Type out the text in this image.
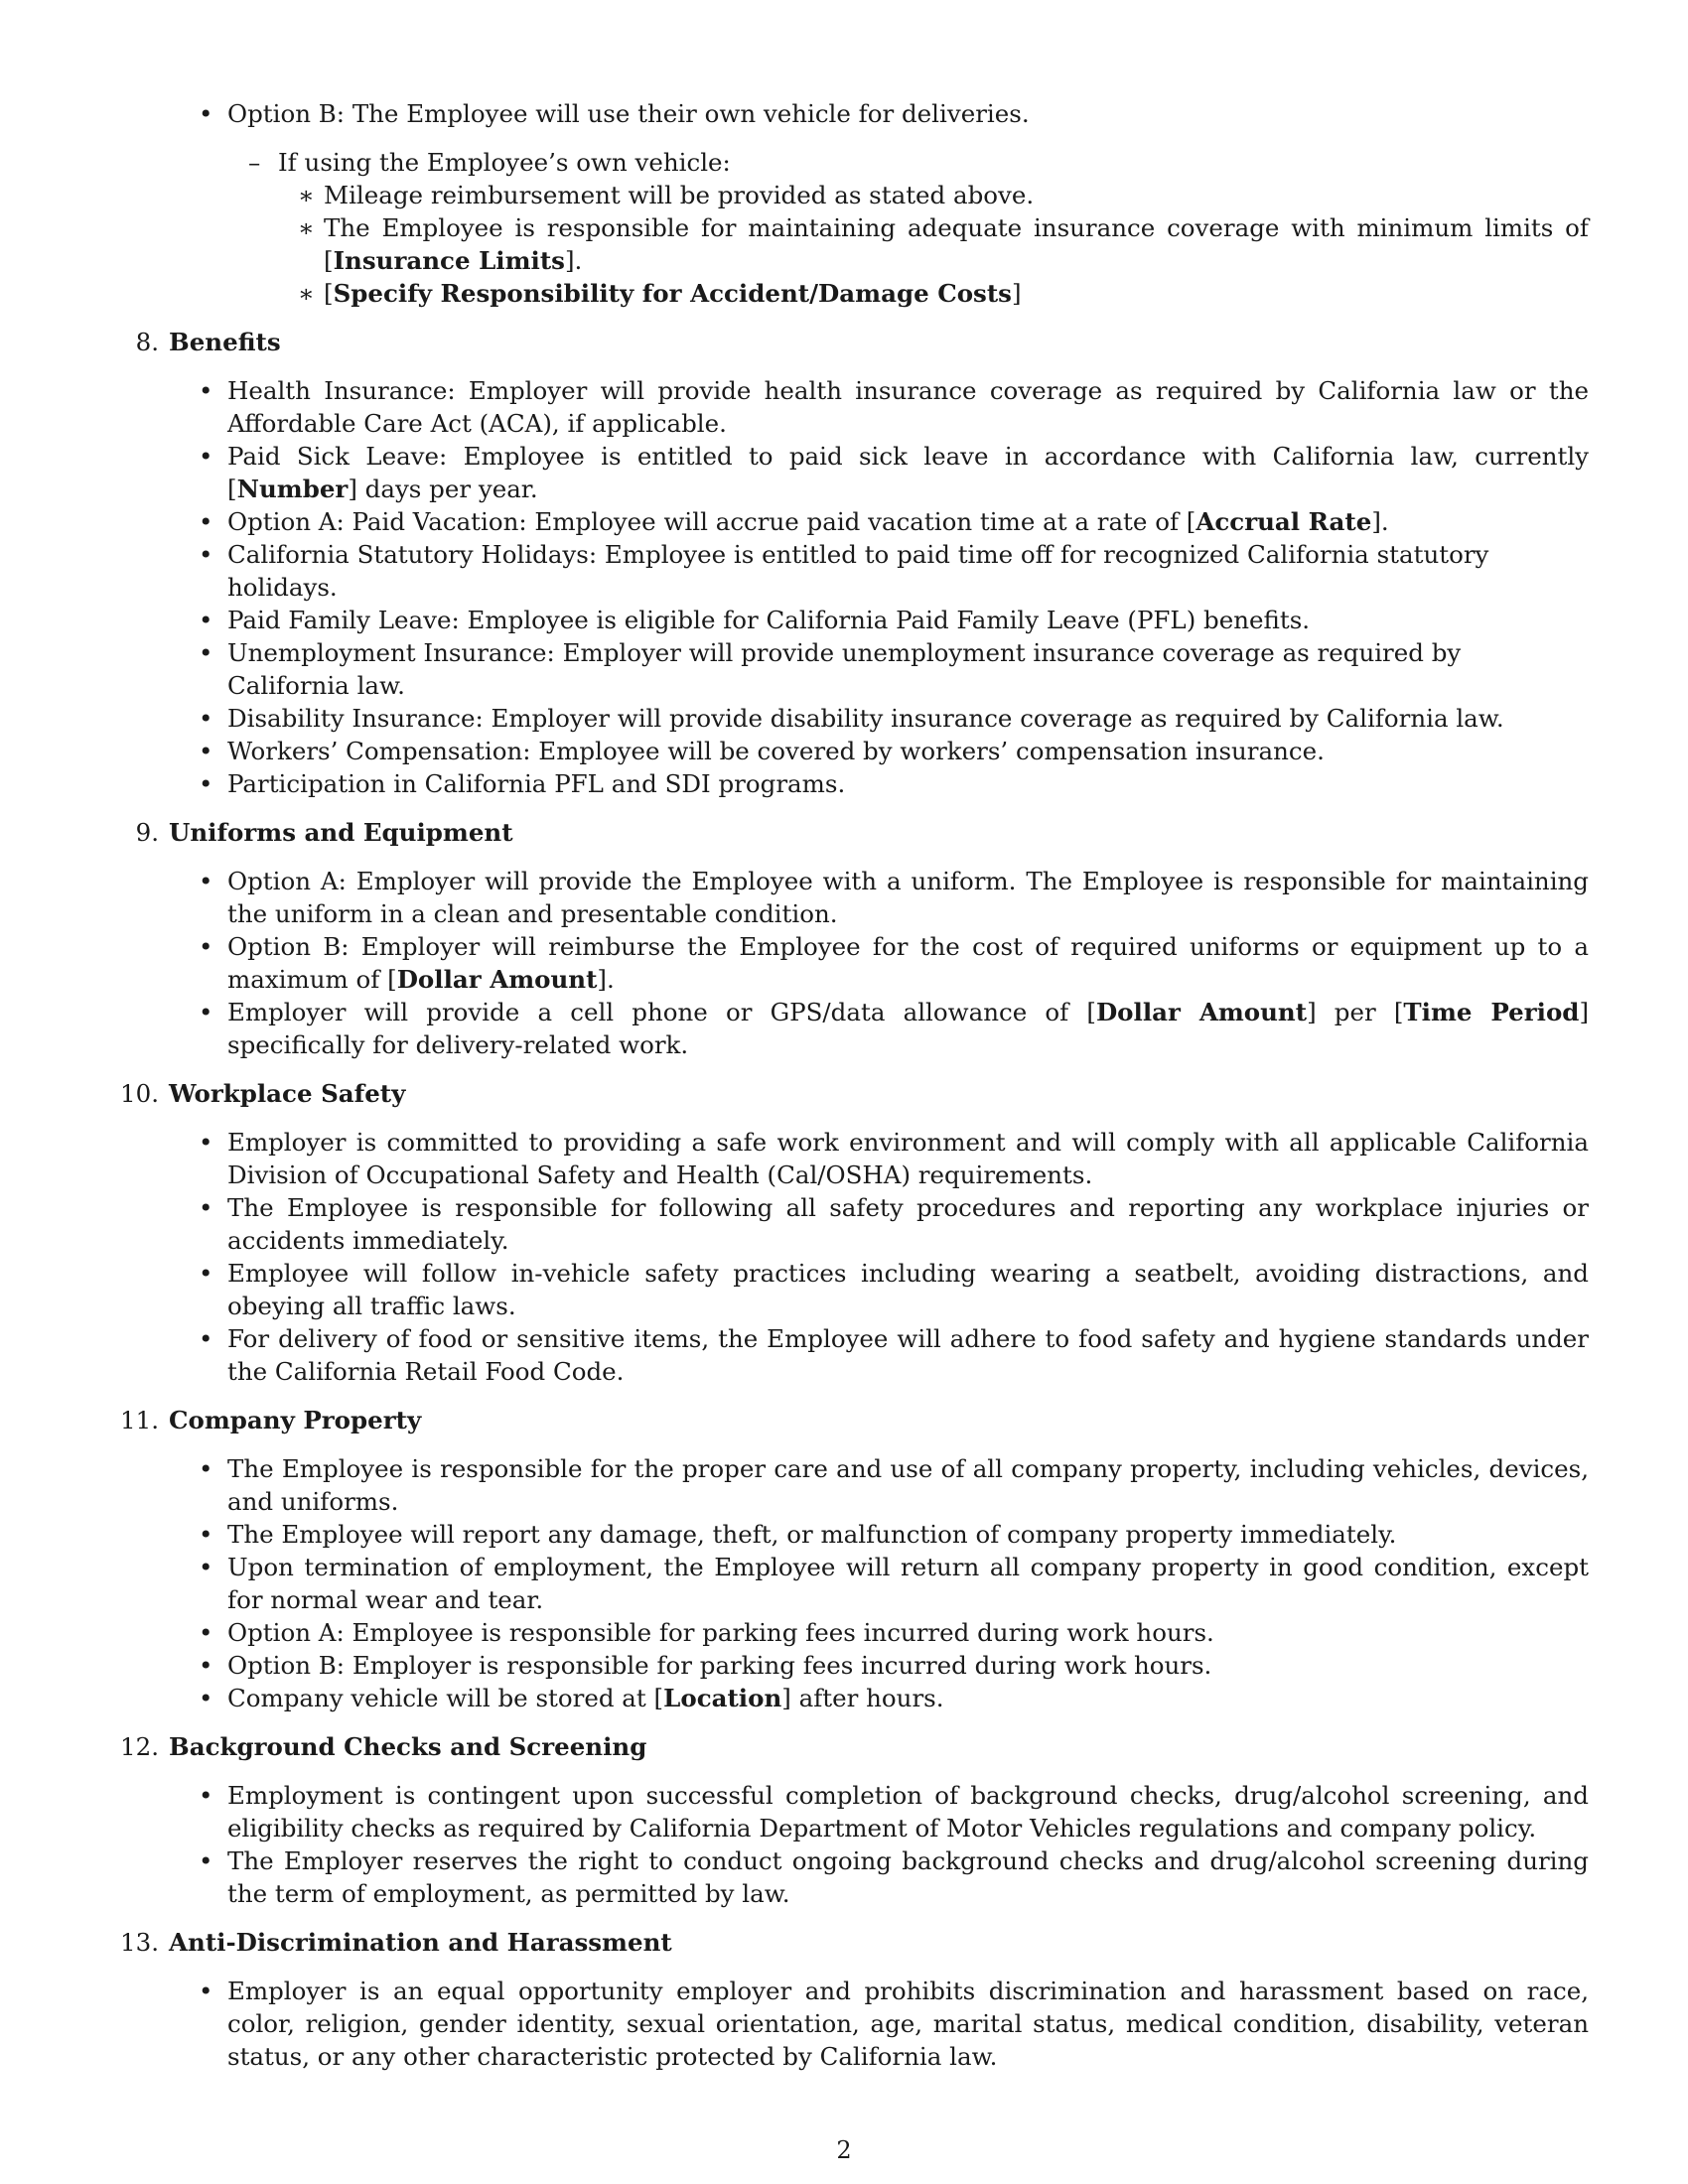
• Option B: The Employee will use their own vehicle for deliveries.
– If using the Employee’s own vehicle:
∗ Mileage reimbursement will be provided as stated above.
∗ The Employee is responsible for maintaining adequate insurance coverage with minimum limits of [Insurance Limits].
∗ [Specify Responsibility for Accident/Damage Costs]
8. Benefits
• Health Insurance: Employer will provide health insurance coverage as required by California law or the Affordable Care Act (ACA), if applicable.
• Paid Sick Leave: Employee is entitled to paid sick leave in accordance with California law, currently [Number] days per year.
• Option A: Paid Vacation: Employee will accrue paid vacation time at a rate of [Accrual Rate].
• California Statutory Holidays: Employee is entitled to paid time off for recognized California statutory holidays.
• Paid Family Leave: Employee is eligible for California Paid Family Leave (PFL) benefits.
• Unemployment Insurance: Employer will provide unemployment insurance coverage as required by California law.
• Disability Insurance: Employer will provide disability insurance coverage as required by California law.
• Workers’ Compensation: Employee will be covered by workers’ compensation insurance.
• Participation in California PFL and SDI programs.
9. Uniforms and Equipment
• Option A: Employer will provide the Employee with a uniform. The Employee is responsible for maintaining the uniform in a clean and presentable condition.
• Option B: Employer will reimburse the Employee for the cost of required uniforms or equipment up to a maximum of [Dollar Amount].
• Employer will provide a cell phone or GPS/data allowance of [Dollar Amount] per [Time Period] specifically for delivery-related work.
10. Workplace Safety
• Employer is committed to providing a safe work environment and will comply with all applicable California Division of Occupational Safety and Health (Cal/OSHA) requirements.
• The Employee is responsible for following all safety procedures and reporting any workplace injuries or accidents immediately.
• Employee will follow in-vehicle safety practices including wearing a seatbelt, avoiding distractions, and obeying all traffic laws.
• For delivery of food or sensitive items, the Employee will adhere to food safety and hygiene standards under the California Retail Food Code.
11. Company Property
• The Employee is responsible for the proper care and use of all company property, including vehicles, devices, and uniforms.
• The Employee will report any damage, theft, or malfunction of company property immediately.
• Upon termination of employment, the Employee will return all company property in good condition, except for normal wear and tear.
• Option A: Employee is responsible for parking fees incurred during work hours.
• Option B: Employer is responsible for parking fees incurred during work hours.
• Company vehicle will be stored at [Location] after hours.
12. Background Checks and Screening
• Employment is contingent upon successful completion of background checks, drug/alcohol screening, and eligibility checks as required by California Department of Motor Vehicles regulations and company policy.
• The Employer reserves the right to conduct ongoing background checks and drug/alcohol screening during the term of employment, as permitted by law.
13. Anti-Discrimination and Harassment
• Employer is an equal opportunity employer and prohibits discrimination and harassment based on race, color, religion, gender identity, sexual orientation, age, marital status, medical condition, disability, veteran status, or any other characteristic protected by California law.
2
